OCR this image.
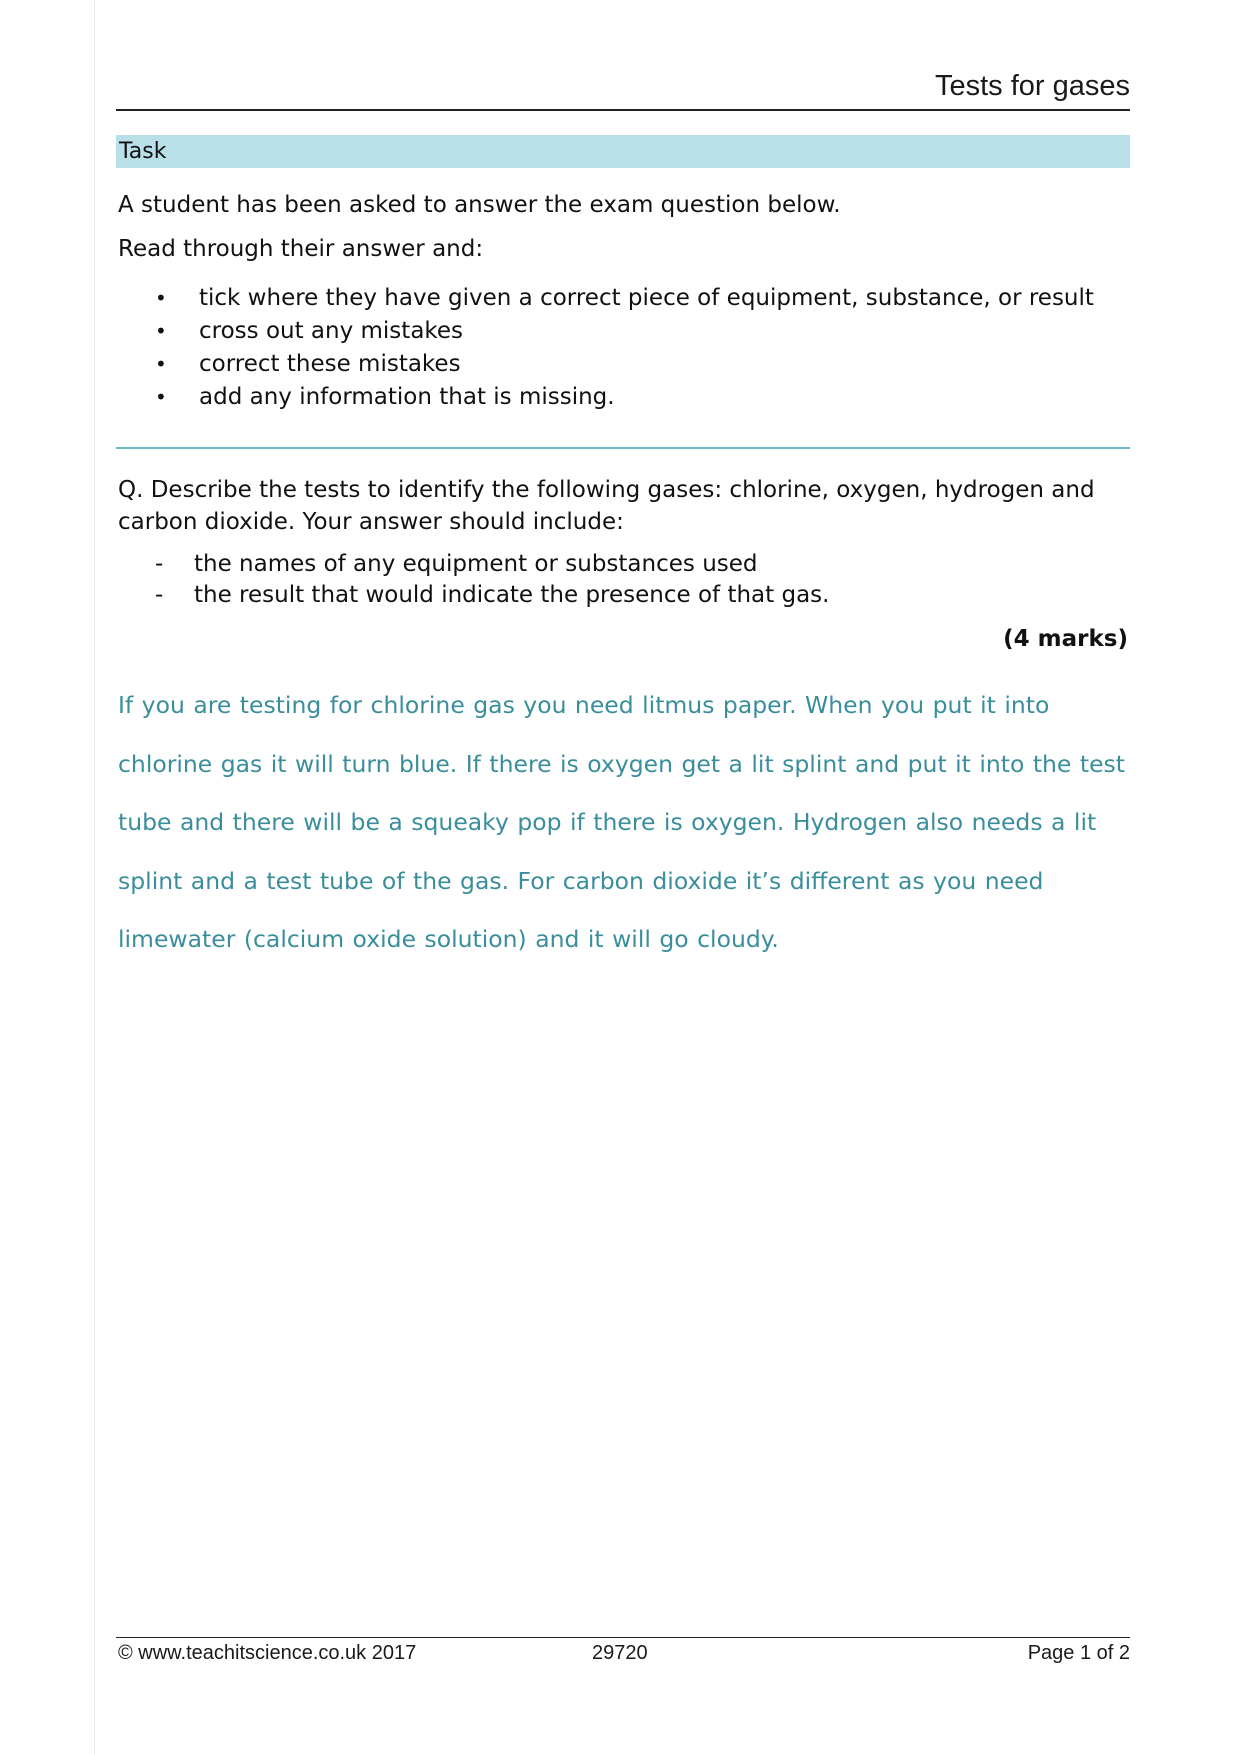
Tests for gases
Task
A student has been asked to answer the exam question below.
Read through their answer and:
•	tick where they have given a correct piece of equipment, substance, or result
•	cross out any mistakes
•	correct these mistakes
•	add any information that is missing.
Q. Describe the tests to identify the following gases: chlorine, oxygen, hydrogen and carbon dioxide. Your answer should include:
-	the names of any equipment or substances used
-	the result that would indicate the presence of that gas.
(4 marks)
If you are testing for chlorine gas you need litmus paper. When you put it into chlorine gas it will turn blue. If there is oxygen get a lit splint and put it into the test tube and there will be a squeaky pop if there is oxygen. Hydrogen also needs a lit splint and a test tube of the gas. For carbon dioxide it’s different as you need limewater (calcium oxide solution) and it will go cloudy.
© www.teachitscience.co.uk 2017	29720	Page 1 of 2
